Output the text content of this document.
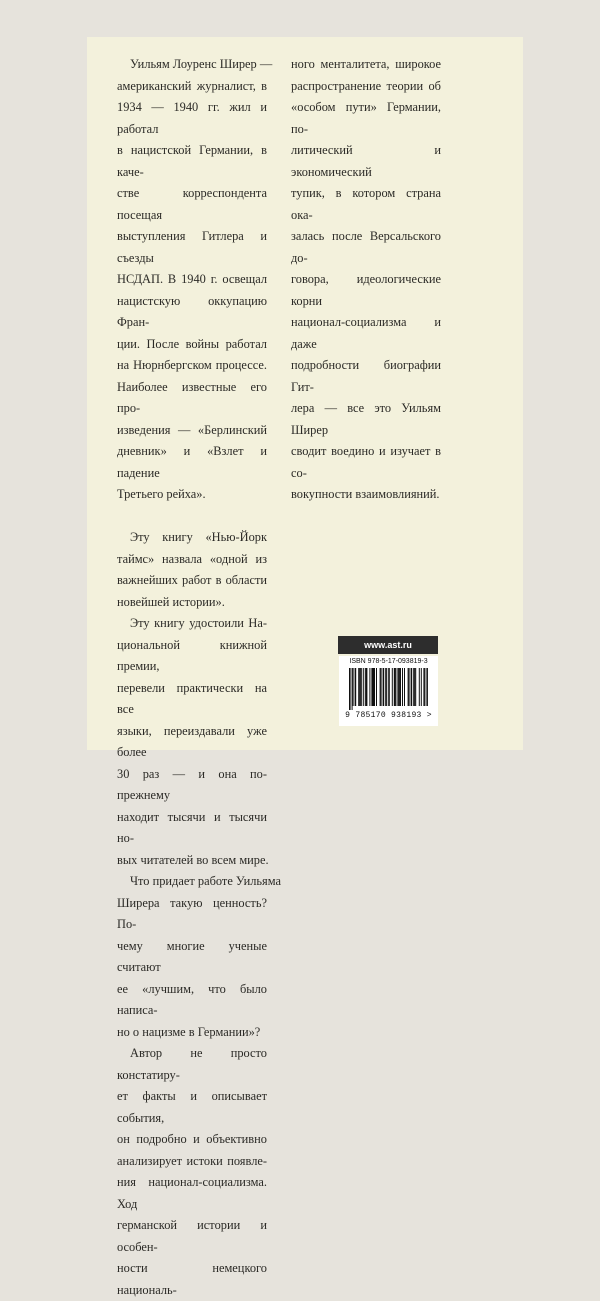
Уильям Лоуренс Ширер —
американский журналист, в
1934 — 1940 гг. жил и работал
в нацистской Германии, в каче-
стве корреспондента посещая
выступления Гитлера и съезды
НСДАП. В 1940 г. освещал
нацистскую оккупацию Фран-
ции. После войны работал
на Нюрнбергском процессе.
Наиболее известные его про-
изведения — «Берлинский
дневник» и «Взлет и падение
Третьего рейха».
Эту книгу «Нью-Йорк
таймс» назвала «одной из
важнейших работ в области
новейшей истории».
Эту книгу удостоили На-
циональной книжной премии,
перевели практически на все
языки, переиздавали уже более
30 раз — и она по-прежнему
находит тысячи и тысячи но-
вых читателей во всем мире.
Что придает работе Уильяма
Ширера такую ценность? По-
чему многие ученые считают
ее «лучшим, что было написа-
но о нацизме в Германии»?
Автор не просто констатиру-
ет факты и описывает события,
он подробно и объективно
анализирует истоки появле-
ния национал-социализма. Ход
германской истории и особен-
ности немецкого националь-
ного менталитета, широкое
распространение теории об
«особом пути» Германии, по-
литический и экономический
тупик, в котором страна ока-
залась после Версальского до-
говора, идеологические корни
национал-социализма и даже
подробности биографии Гит-
лера — все это Уильям Ширер
сводит воедино и изучает в со-
вокупности взаимовлияний.
www.ast.ru
ISBN 978-5-17-093819-3
9 785170 938193 >
